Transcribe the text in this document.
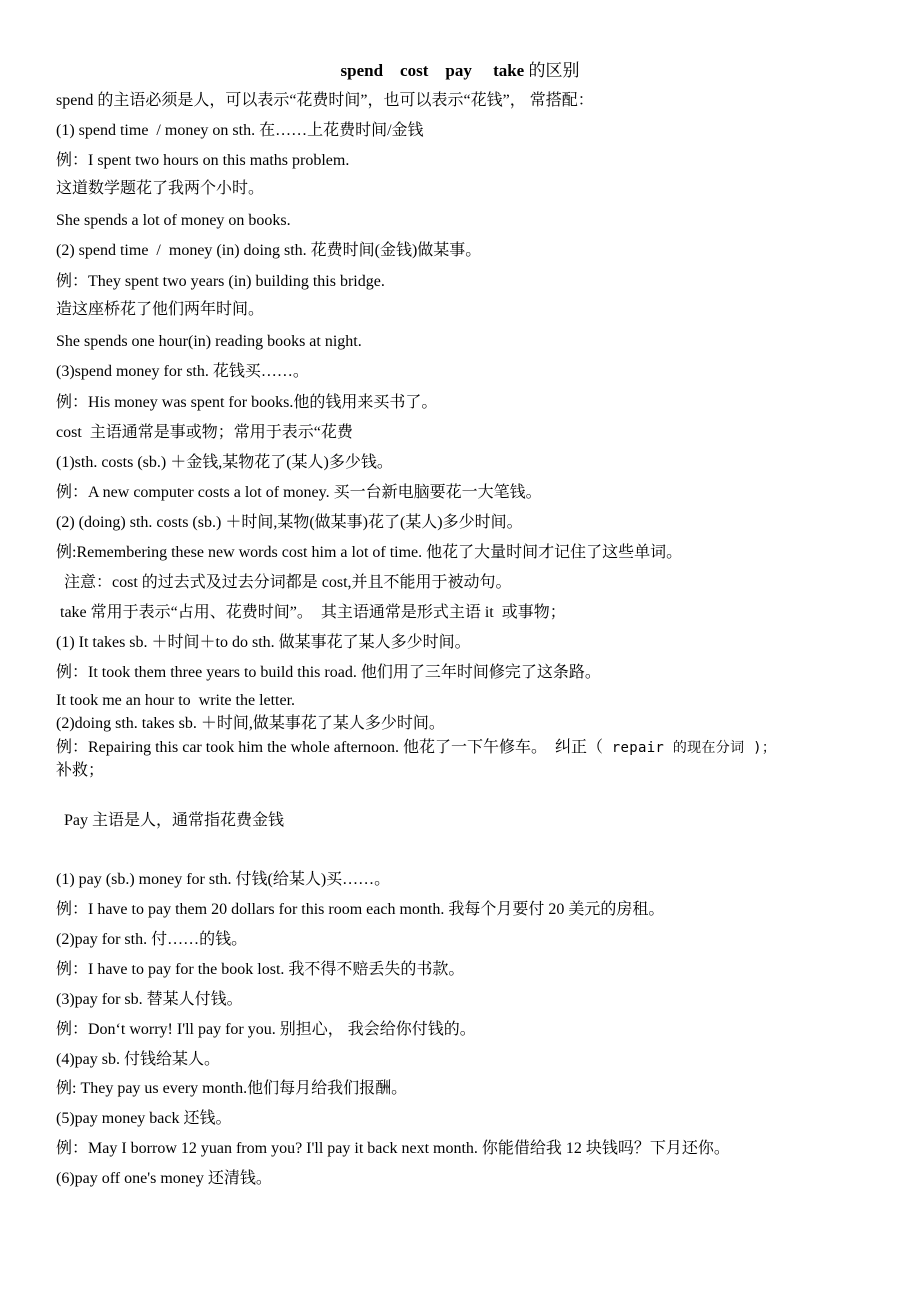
spend    cost    pay     take 的区别
spend 的主语必须是人，可以表示“花费时间”，也可以表示“花钱”， 常搭配：
(1) spend time  / money on sth. 在……上花费时间/金钱
例：I spent two hours on this maths problem.
这道数学题花了我两个小时。
She spends a lot of money on books.
(2) spend time  /  money (in) doing sth. 花费时间(金钱)做某事。
例：They spent two years (in) building this bridge.
造这座桥花了他们两年时间。
She spends one hour(in) reading books at night.
(3)spend money for sth. 花钱买……。
例：His money was spent for books.他的钱用来买书了。
cost  主语通常是事或物；常用于表示“花费
(1)sth. costs (sb.) ＋金钱,某物花了(某人)多少钱。
例：A new computer costs a lot of money. 买一台新电脑要花一大笔钱。
(2) (doing) sth. costs (sb.) ＋时间,某物(做某事)花了(某人)多少时间。
例:Remembering these new words cost him a lot of time. 他花了大量时间才记住了这些单词。
注意：cost 的过去式及过去分词都是 cost,并且不能用于被动句。
take 常用于表示“占用、花费时间”。  其主语通常是形式主语 it  或事物；
(1) It takes sb. ＋时间＋to do sth. 做某事花了某人多少时间。
例：It took them three years to build this road. 他们用了三年时间修完了这条路。
It took me an hour to  write the letter.
(2)doing sth. takes sb. ＋时间,做某事花了某人多少时间。
例：Repairing this car took him the whole afternoon. 他花了一下午修车。  纠正（ repair 的现在分词 )；
补救；
Pay 主语是人，通常指花费金钱
(1) pay (sb.) money for sth. 付钱(给某人)买……。
例：I have to pay them 20 dollars for this room each month. 我每个月要付 20 美元的房租。
(2)pay for sth. 付……的钱。
例：I have to pay for the book lost. 我不得不赔丢失的书款。
(3)pay for sb. 替某人付钱。
例：Don‘t worry! I'll pay for you. 别担心， 我会给你付钱的。
(4)pay sb. 付钱给某人。
例: They pay us every month.他们每月给我们报酬。
(5)pay money back 还钱。
例：May I borrow 12 yuan from you? I'll pay it back next month. 你能借给我 12 块钱吗？下月还你。
(6)pay off one's money 还清钱。
